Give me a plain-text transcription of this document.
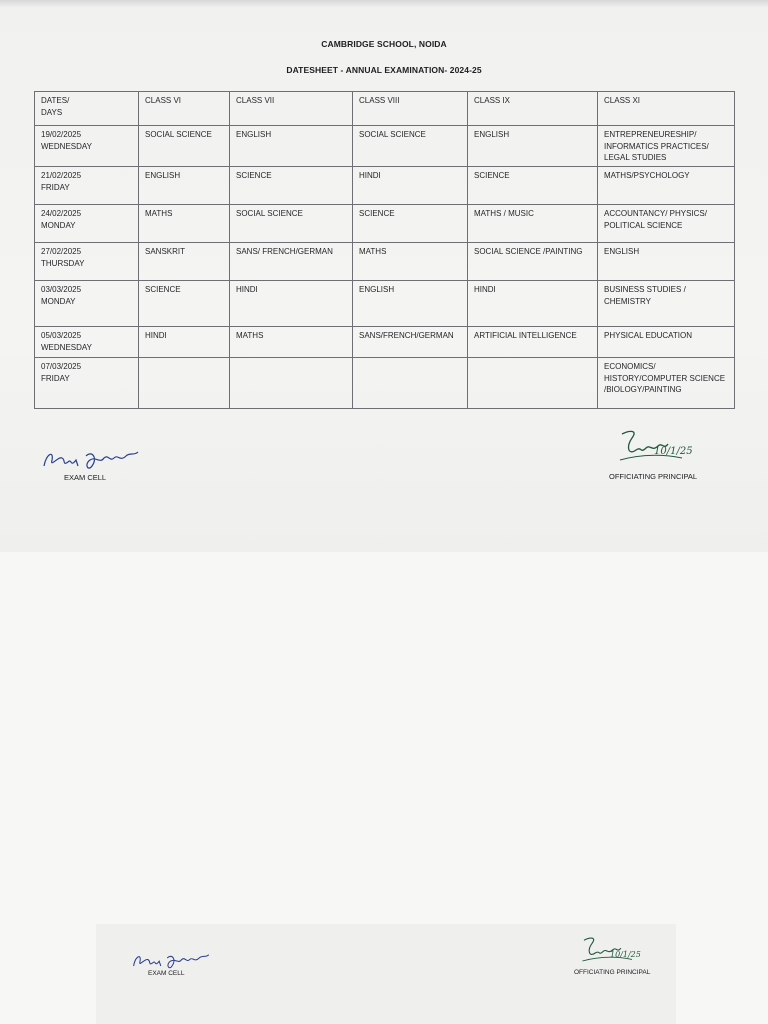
CAMBRIDGE SCHOOL, NOIDA
DATESHEET - ANNUAL EXAMINATION- 2024-25
DATES/
DAYS	CLASS VI	CLASS VII	CLASS VIII	CLASS IX	CLASS XI

19/02/2025
WEDNESDAY	SOCIAL SCIENCE	ENGLISH	SOCIAL SCIENCE	ENGLISH	ENTREPRENEURESHIP/ INFORMATICS PRACTICES/ LEGAL STUDIES

21/02/2025
FRIDAY	ENGLISH	SCIENCE	HINDI	SCIENCE	MATHS/PSYCHOLOGY

24/02/2025
MONDAY	MATHS	SOCIAL SCIENCE	SCIENCE	MATHS / MUSIC	ACCOUNTANCY/ PHYSICS/ POLITICAL SCIENCE

27/02/2025
THURSDAY	SANSKRIT	SANS/ FRENCH/GERMAN	MATHS	SOCIAL SCIENCE /PAINTING	ENGLISH

03/03/2025
MONDAY	SCIENCE	HINDI	ENGLISH	HINDI	BUSINESS STUDIES / CHEMISTRY

05/03/2025
WEDNESDAY	HINDI	MATHS	SANS/FRENCH/GERMAN	ARTIFICIAL INTELLIGENCE	PHYSICAL EDUCATION

07/03/2025
FRIDAY					ECONOMICS/ HISTORY/COMPUTER SCIENCE /BIOLOGY/PAINTING
EXAM CELL
10/1/25
OFFICIATING PRINCIPAL
EXAM CELL
10/1/25
OFFICIATING PRINCIPAL
